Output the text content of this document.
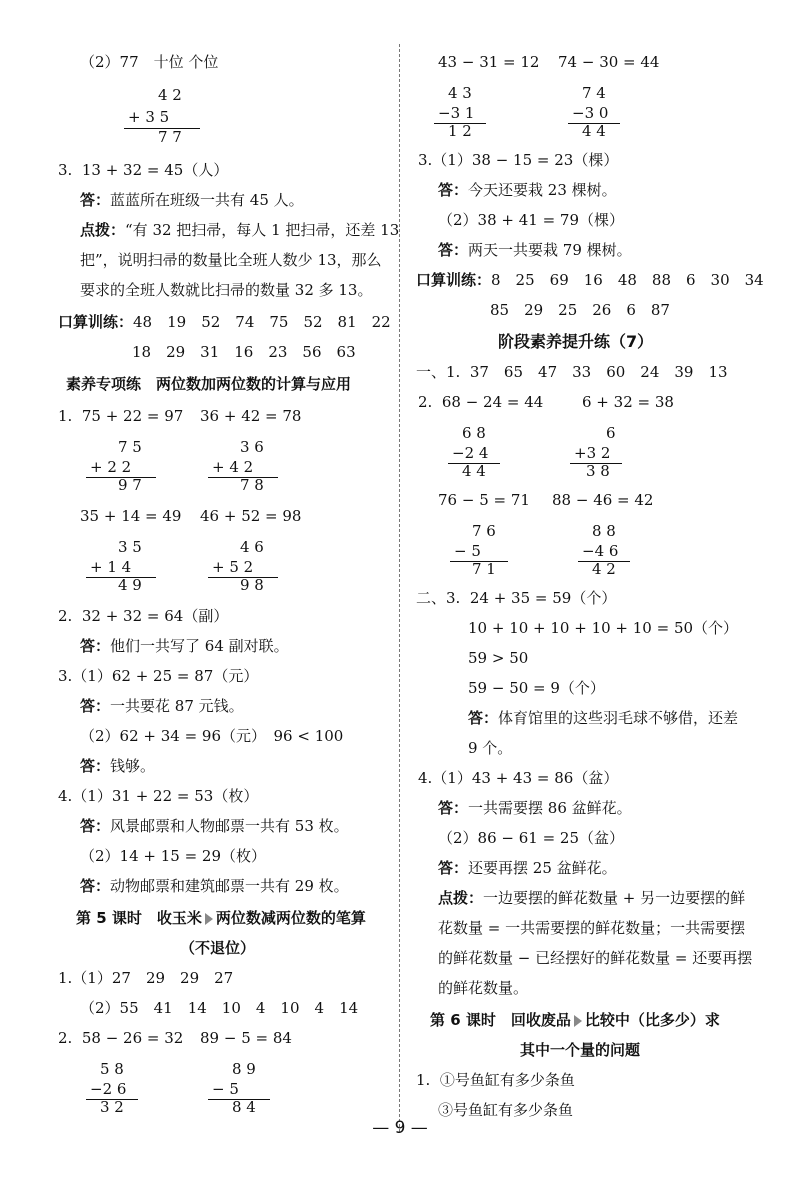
（2）77　十位 个位
4 2
+ 3 5
7 7
3.  13 + 32 = 45（人）
答：蓝蓝所在班级一共有 45 人。
点拨：“有 32 把扫帚，每人 1 把扫帚，还差 13
把”，说明扫帚的数量比全班人数少 13，那么
要求的全班人数就比扫帚的数量 32 多 13。
口算训练：48　19　52　74　75　52　81　22
18　29　31　16　23　56　63
素养专项练　两位数加两位数的计算与应用
1.  75 + 22 = 97 36 + 42 = 78
7 5
+ 2 2
9 7
3 6
+ 4 2
7 8
35 + 14 = 49 46 + 52 = 98
3 5
+ 1 4
4 9
4 6
+ 5 2
9 8
2.  32 + 32 = 64（副）
答：他们一共写了 64 副对联。
3.（1）62 + 25 = 87（元）
答：一共要花 87 元钱。
（2）62 + 34 = 96（元）　96 < 100
答：钱够。
4.（1）31 + 22 = 53（枚）
答：风景邮票和人物邮票一共有 53 枚。
（2）14 + 15 = 29（枚）
答：动物邮票和建筑邮票一共有 29 枚。
第 5 课时　收玉米 两位数减两位数的笔算
（不退位）
1.（1）27　29　29　27
（2）55　41　14　10　4　10　4　14
2.  58 − 26 = 32 89 − 5 = 84
5 8
−2 6
3 2
8 9
− 5
8 4
43 − 31 = 12 74 − 30 = 44
4 3
−3 1
1 2
7 4
−3 0
4 4
3.（1）38 − 15 = 23（棵）
答：今天还要栽 23 棵树。
（2）38 + 41 = 79（棵）
答：两天一共要栽 79 棵树。
口算训练：8　25　69　16　48　88　6　30　34
85　29　25　26　6　87
阶段素养提升练（7）
一、1.  37　65　47　33　60　24　39　13
2.  68 − 24 = 44	6 + 32 = 38
6 8
−2 4
4 4
6
+3 2
3 8
76 − 5 = 71 88 − 46 = 42
7 6
− 5
7 1
8 8
−4 6
4 2
二、3.  24 + 35 = 59（个）
10 + 10 + 10 + 10 + 10 = 50（个）
59 > 50
59 − 50 = 9（个）
答：体育馆里的这些羽毛球不够借，还差
9 个。
4.（1）43 + 43 = 86（盆）
答：一共需要摆 86 盆鲜花。
（2）86 − 61 = 25（盆）
答：还要再摆 25 盆鲜花。
点拨：一边要摆的鲜花数量 + 另一边要摆的鲜
花数量 = 一共需要摆的鲜花数量；一共需要摆
的鲜花数量 − 已经摆好的鲜花数量 = 还要再摆
的鲜花数量。
第 6 课时　回收废品 比较中（比多少）求
其中一个量的问题
1.  ①号鱼缸有多少条鱼
③号鱼缸有多少条鱼
— 9 —
